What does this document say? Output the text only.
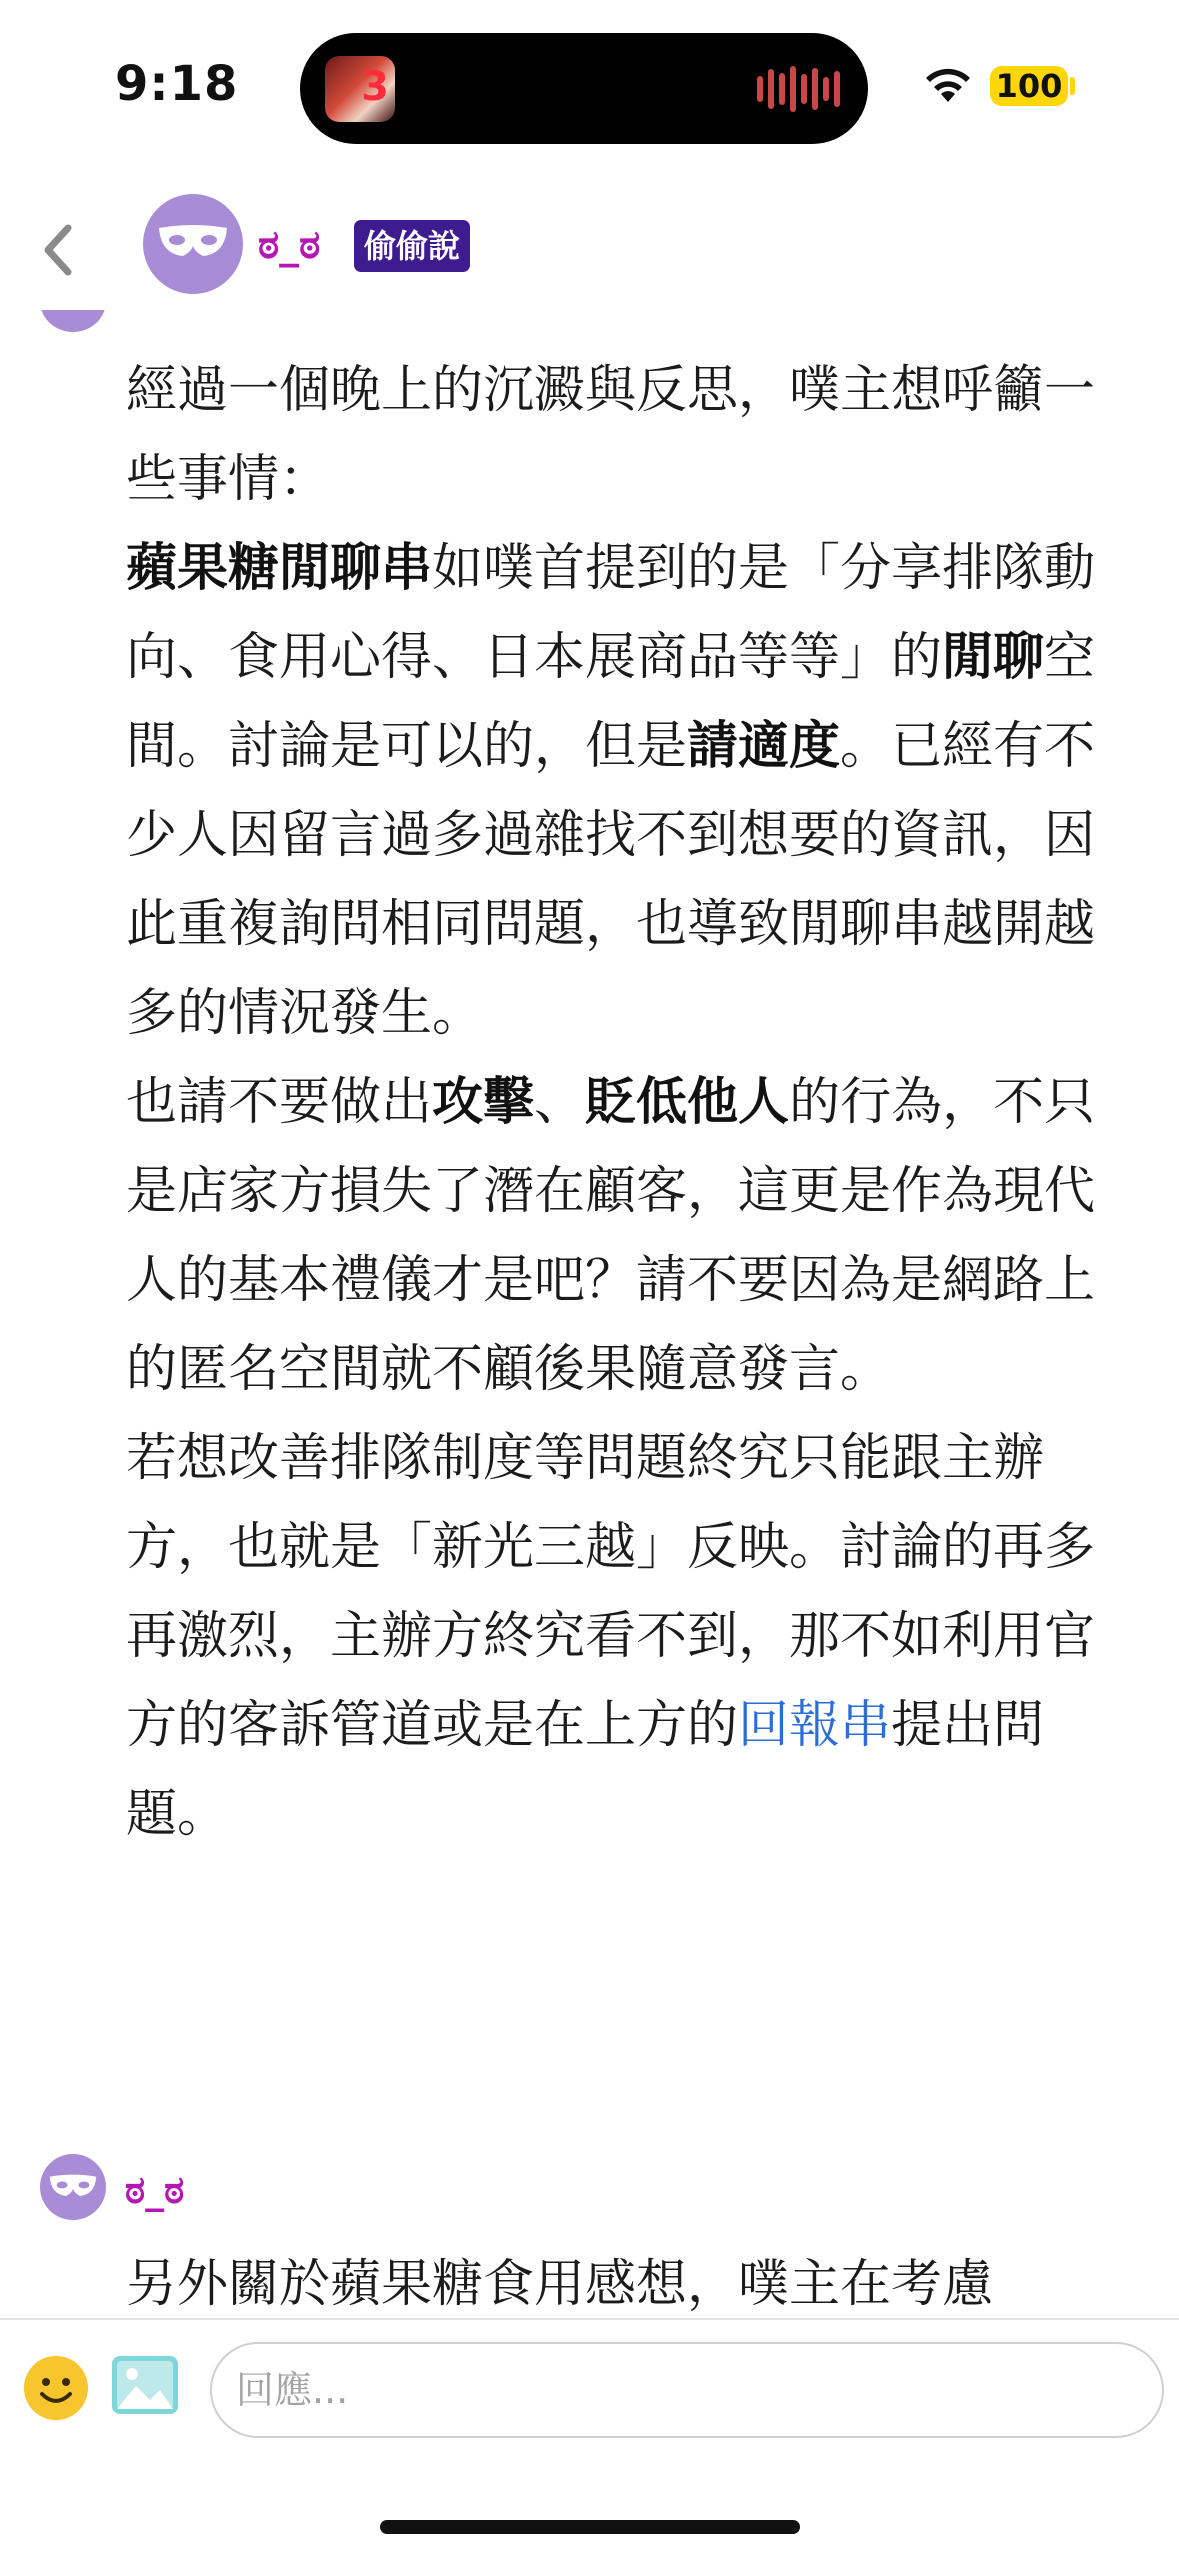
9:18	3	100
ಠ_ಠ	偷偷說

經過一個晚上的沉澱與反思，噗主想呼籲一些事情：

蘋果糖閒聊串如噗首提到的是「分享排隊動向、食用心得、日本展商品等等」的閒聊空間。討論是可以的，但是請適度。已經有不少人因留言過多過雜找不到想要的資訊，因此重複詢問相同問題，也導致閒聊串越開越多的情況發生。

也請不要做出攻擊、貶低他人的行為，不只是店家方損失了潛在顧客，這更是作為現代人的基本禮儀才是吧？請不要因為是網路上的匿名空間就不顧後果隨意發言。

若想改善排隊制度等問題終究只能跟主辦方，也就是「新光三越」反映。討論的再多再激烈，主辦方終究看不到，那不如利用官方的客訴管道或是在上方的回報串提出問題。

ಠ_ಠ
另外關於蘋果糖食用感想，噗主在考慮
回應...
